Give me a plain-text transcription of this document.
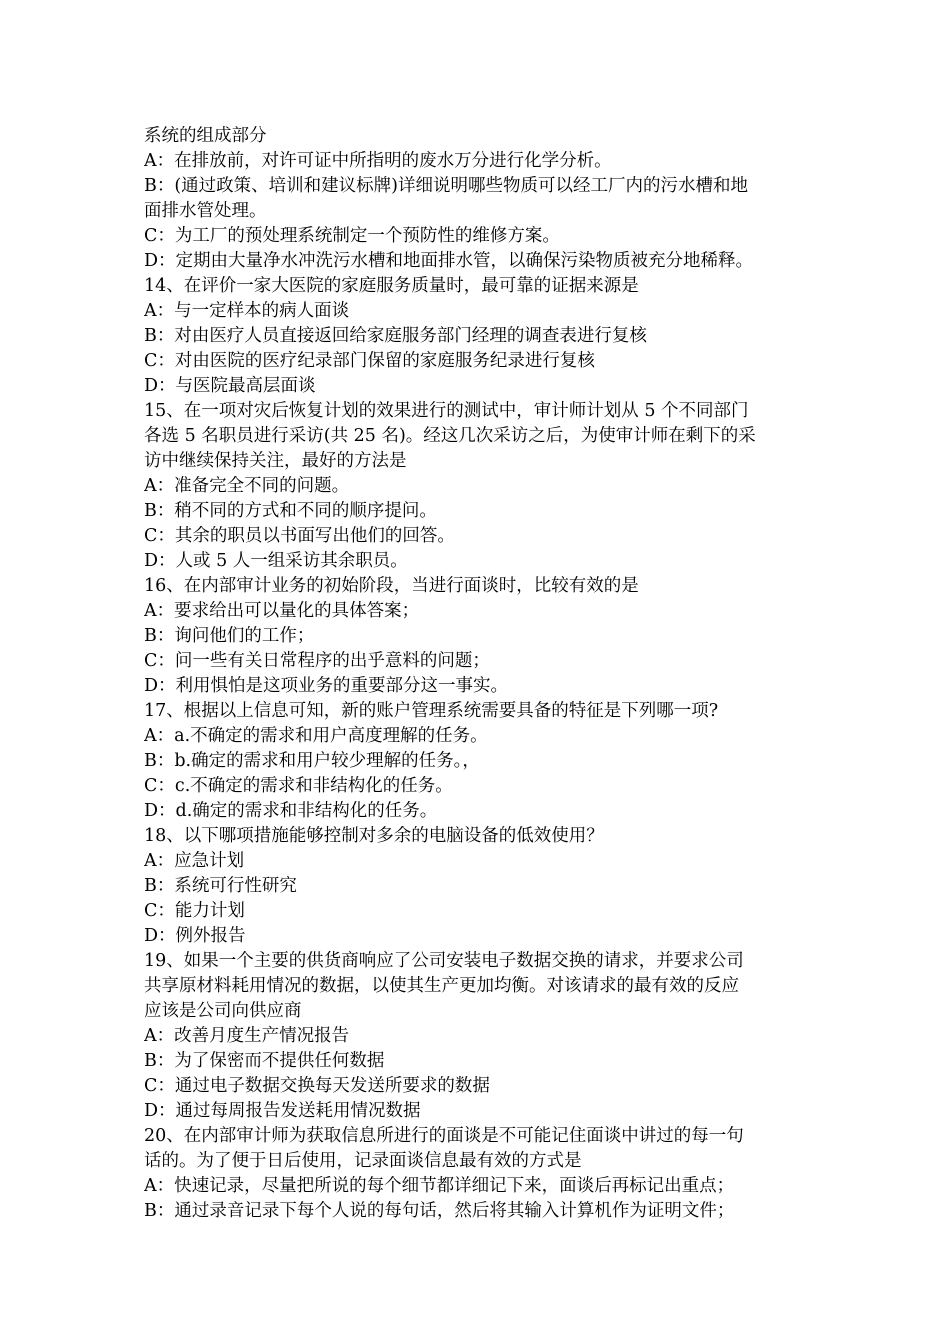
系统的组成部分
A：在排放前，对许可证中所指明的废水万分进行化学分析。
B：(通过政策、培训和建议标牌)详细说明哪些物质可以经工厂内的污水槽和地
面排水管处理。
C：为工厂的预处理系统制定一个预防性的维修方案。
D：定期由大量净水冲洗污水槽和地面排水管，以确保污染物质被充分地稀释。
14、在评价一家大医院的家庭服务质量时，最可靠的证据来源是
A：与一定样本的病人面谈
B：对由医疗人员直接返回给家庭服务部门经理的调查表进行复核
C：对由医院的医疗纪录部门保留的家庭服务纪录进行复核
D：与医院最高层面谈
15、在一项对灾后恢复计划的效果进行的测试中，审计师计划从 5 个不同部门
各选 5 名职员进行采访(共 25 名)。经这几次采访之后，为使审计师在剩下的采
访中继续保持关注，最好的方法是
A：准备完全不同的问题。
B：稍不同的方式和不同的顺序提问。
C：其余的职员以书面写出他们的回答。
D：人或 5 人一组采访其余职员。
16、在内部审计业务的初始阶段，当进行面谈时，比较有效的是
A：要求给出可以量化的具体答案；
B：询问他们的工作；
C：问一些有关日常程序的出乎意料的问题；
D：利用惧怕是这项业务的重要部分这一事实。
17、根据以上信息可知，新的账户管理系统需要具备的特征是下列哪一项?
A：a.不确定的需求和用户高度理解的任务。
B：b.确定的需求和用户较少理解的任务。，
C：c.不确定的需求和非结构化的任务。
D：d.确定的需求和非结构化的任务。
18、以下哪项措施能够控制对多余的电脑设备的低效使用？
A：应急计划
B：系统可行性研究
C：能力计划
D：例外报告
19、如果一个主要的供货商响应了公司安装电子数据交换的请求，并要求公司
共享原材料耗用情况的数据，以使其生产更加均衡。对该请求的最有效的反应
应该是公司向供应商
A：改善月度生产情况报告
B：为了保密而不提供任何数据
C：通过电子数据交换每天发送所要求的数据
D：通过每周报告发送耗用情况数据
20、在内部审计师为获取信息所进行的面谈是不可能记住面谈中讲过的每一句
话的。为了便于日后使用，记录面谈信息最有效的方式是
A：快速记录，尽量把所说的每个细节都详细记下来，面谈后再标记出重点；
B：通过录音记录下每个人说的每句话，然后将其输入计算机作为证明文件；
